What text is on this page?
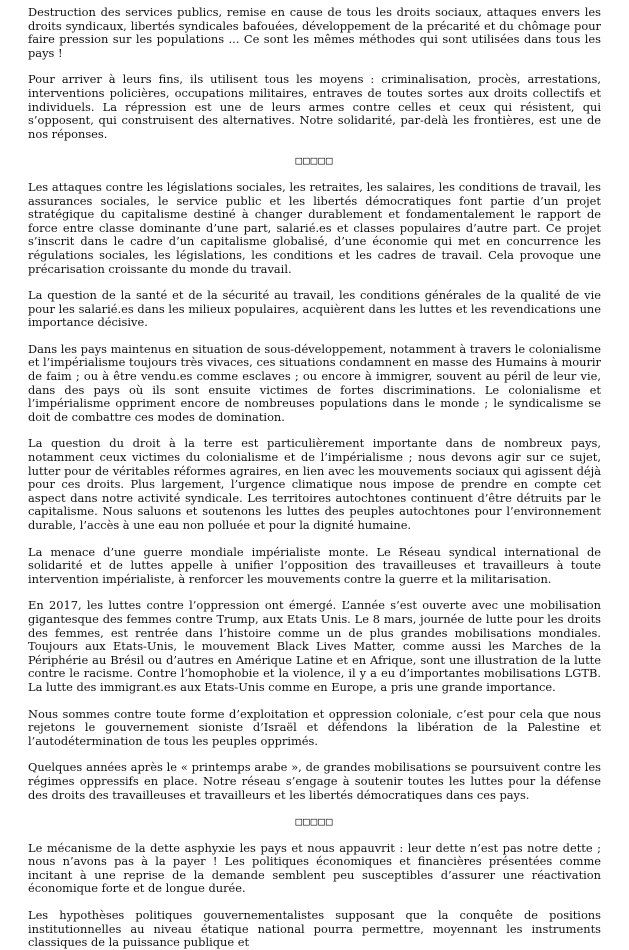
Destruction des services publics, remise en cause de tous les droits sociaux, attaques envers les droits syndicaux, libertés syndicales bafouées, développement de la précarité et du chômage pour faire pression sur les populations ... Ce sont les mêmes méthodes qui sont utilisées dans tous les pays !

Pour arriver à leurs fins, ils utilisent tous les moyens : criminalisation, procès, arrestations, interventions policières, occupations militaires, entraves de toutes sortes aux droits collectifs et individuels. La répression est une de leurs armes contre celles et ceux qui résistent, qui s’opposent, qui construisent des alternatives. Notre solidarité, par-delà les frontières, est une de nos réponses.

□□□□□

Les attaques contre les législations sociales, les retraites, les salaires, les conditions de travail, les assurances sociales, le service public et les libertés démocratiques font partie d’un projet stratégique du capitalisme destiné à changer durablement et fondamentalement le rapport de force entre classe dominante d’une part, salarié.es et classes populaires d’autre part. Ce projet s’inscrit dans le cadre d’un capitalisme globalisé, d’une économie qui met en concurrence les régulations sociales, les législations, les conditions et les cadres de travail. Cela provoque une précarisation croissante du monde du travail.

La question de la santé et de la sécurité au travail, les conditions générales de la qualité de vie pour les salarié.es dans les milieux populaires, acquièrent dans les luttes et les revendications une importance décisive.

Dans les pays maintenus en situation de sous-développement, notamment à travers le colonialisme et l’impérialisme toujours très vivaces, ces situations condamnent en masse des Humains à mourir de faim ; ou à être vendu.es comme esclaves ; ou encore à immigrer, souvent au péril de leur vie, dans des pays où ils sont ensuite victimes de fortes discriminations. Le colonialisme et l’impérialisme oppriment encore de nombreuses populations dans le monde ; le syndicalisme se doit de combattre ces modes de domination.

La question du droit à la terre est particulièrement importante dans de nombreux pays, notamment ceux victimes du colonialisme et de l’impérialisme ; nous devons agir sur ce sujet, lutter pour de véritables réformes agraires, en lien avec les mouvements sociaux qui agissent déjà pour ces droits. Plus largement, l’urgence climatique nous impose de prendre en compte cet aspect dans notre activité syndicale. Les territoires autochtones continuent d’être détruits par le capitalisme. Nous saluons et soutenons les luttes des peuples autochtones pour l’environnement durable, l’accès à une eau non polluée et pour la dignité humaine.

La menace d’une guerre mondiale impérialiste monte. Le Réseau syndical international de solidarité et de luttes appelle à unifier l’opposition des travailleuses et travailleurs à toute intervention impérialiste, à renforcer les mouvements contre la guerre et la militarisation.

En 2017, les luttes contre l’oppression ont émergé. L’année s’est ouverte avec une mobilisation gigantesque des femmes contre Trump, aux Etats Unis. Le 8 mars, journée de lutte pour les droits des femmes, est rentrée dans l’histoire comme un de plus grandes mobilisations mondiales. Toujours aux Etats-Unis, le mouvement Black Lives Matter, comme aussi les Marches de la Périphérie au Brésil ou d’autres en Amérique Latine et en Afrique, sont une illustration de la lutte contre le racisme. Contre l’homophobie et la violence, il y a eu d’importantes mobilisations LGTB. La lutte des immigrant.es aux Etats-Unis comme en Europe, a pris une grande importance.

Nous sommes contre toute forme d’exploitation et oppression coloniale, c’est pour cela que nous rejetons le gouvernement sioniste d’Israël et défendons la libération de la Palestine et l’autodétermination de tous les peuples opprimés.

Quelques années après le « printemps arabe », de grandes mobilisations se poursuivent contre les régimes oppressifs en place. Notre réseau s’engage à soutenir toutes les luttes pour la défense des droits des travailleuses et travailleurs et les libertés démocratiques dans ces pays.

□□□□□

Le mécanisme de la dette asphyxie les pays et nous appauvrit : leur dette n’est pas notre dette ; nous n’avons pas à la payer ! Les politiques économiques et financières présentées comme incitant à une reprise de la demande semblent peu susceptibles d’assurer une réactivation économique forte et de longue durée.

Les hypothèses politiques gouvernementalistes supposant que la conquête de positions institutionnelles au niveau étatique national pourra permettre, moyennant les instruments classiques de la puissance publique et
